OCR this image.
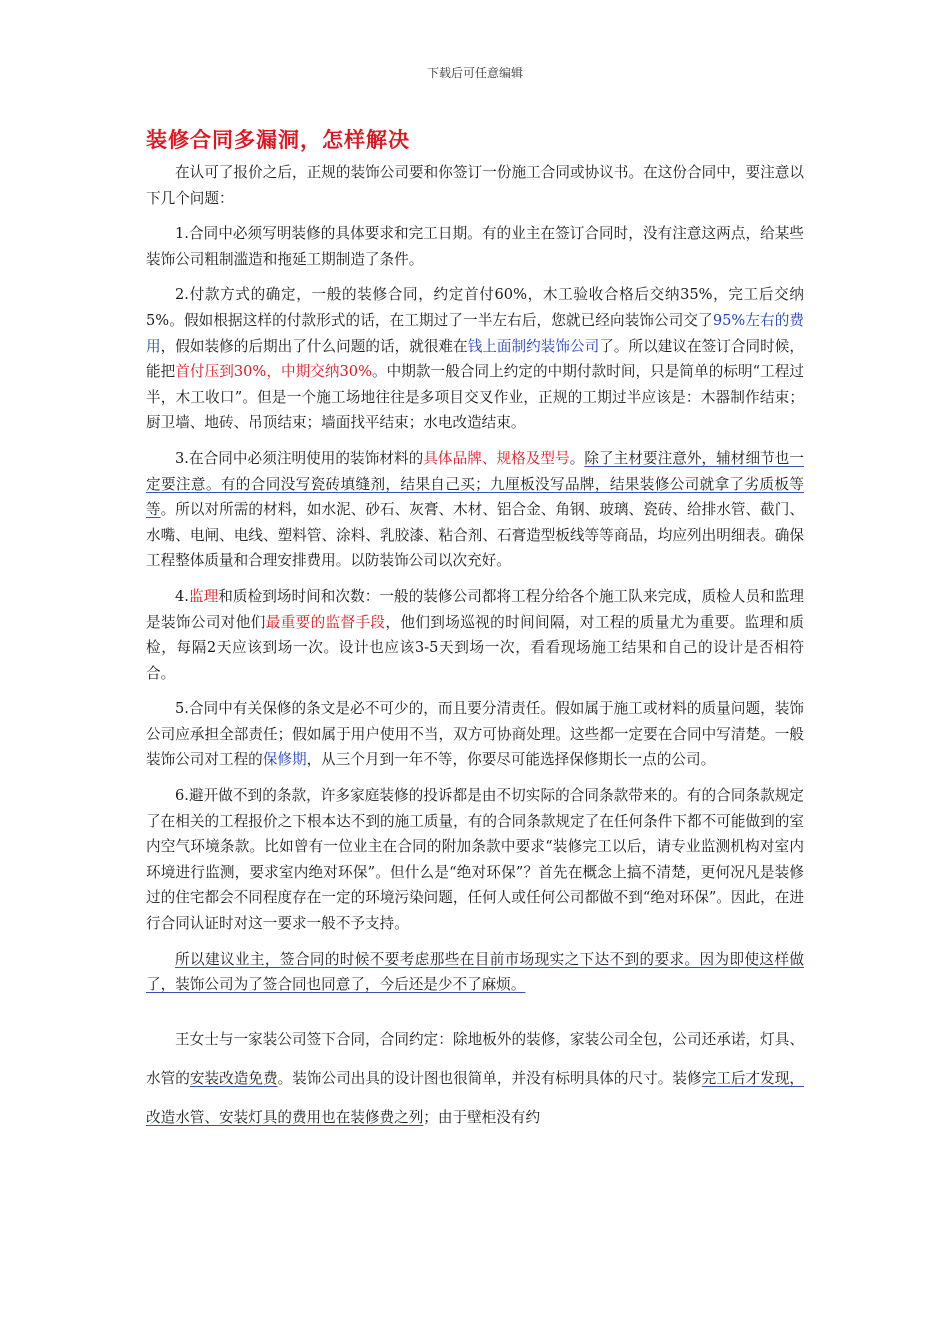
下载后可任意编辑
装修合同多漏洞，怎样解决

在认可了报价之后，正规的装饰公司要和你签订一份施工合同或协议书。在这份合同中，要注意以下几个问题：

1.合同中必须写明装修的具体要求和完工日期。有的业主在签订合同时，没有注意这两点，给某些装饰公司粗制滥造和拖延工期制造了条件。

2.付款方式的确定，一般的装修合同，约定首付60%，木工验收合格后交纳35%，完工后交纳5%。假如根据这样的付款形式的话，在工期过了一半左右后，您就已经向装饰公司交了95%左右的费用，假如装修的后期出了什么问题的话，就很难在钱上面制约装饰公司了。所以建议在签订合同时候，能把首付压到30%，中期交纳30%。中期款一般合同上约定的中期付款时间，只是简单的标明“工程过半，木工收口”。但是一个施工场地往往是多项目交叉作业，正规的工期过半应该是：木器制作结束；厨卫墙、地砖、吊顶结束；墙面找平结束；水电改造结束。

3.在合同中必须注明使用的装饰材料的具体品牌、规格及型号。除了主材要注意外，辅材细节也一定要注意。有的合同没写瓷砖填缝剂，结果自己买；九厘板没写品牌，结果装修公司就拿了劣质板等等。所以对所需的材料，如水泥、砂石、灰膏、木材、铝合金、角钢、玻璃、瓷砖、给排水管、截门、水嘴、电闸、电线、塑料管、涂料、乳胶漆、粘合剂、石膏造型板线等等商品，均应列出明细表。确保工程整体质量和合理安排费用。以防装饰公司以次充好。

4.监理和质检到场时间和次数：一般的装修公司都将工程分给各个施工队来完成，质检人员和监理是装饰公司对他们最重要的监督手段，他们到场巡视的时间间隔，对工程的质量尤为重要。监理和质检，每隔2天应该到场一次。设计也应该3-5天到场一次，看看现场施工结果和自己的设计是否相符合。

5.合同中有关保修的条文是必不可少的，而且要分清责任。假如属于施工或材料的质量问题，装饰公司应承担全部责任；假如属于用户使用不当，双方可协商处理。这些都一定要在合同中写清楚。一般装饰公司对工程的保修期，从三个月到一年不等，你要尽可能选择保修期长一点的公司。

6.避开做不到的条款，许多家庭装修的投诉都是由不切实际的合同条款带来的。有的合同条款规定了在相关的工程报价之下根本达不到的施工质量，有的合同条款规定了在任何条件下都不可能做到的室内空气环境条款。比如曾有一位业主在合同的附加条款中要求“装修完工以后，请专业监测机构对室内环境进行监测，要求室内绝对环保”。但什么是“绝对环保”？首先在概念上搞不清楚，更何况凡是装修过的住宅都会不同程度存在一定的环境污染问题，任何人或任何公司都做不到“绝对环保”。因此，在进行合同认证时对这一要求一般不予支持。

所以建议业主，签合同的时候不要考虑那些在目前市场现实之下达不到的要求。因为即使这样做了，装饰公司为了签合同也同意了，今后还是少不了麻烦。

王女士与一家装公司签下合同，合同约定：除地板外的装修，家装公司全包，公司还承诺，灯具、水管的安装改造免费。装饰公司出具的设计图也很简单，并没有标明具体的尺寸。装修完工后才发现，改造水管、安装灯具的费用也在装修费之列；由于壁柜没有约
